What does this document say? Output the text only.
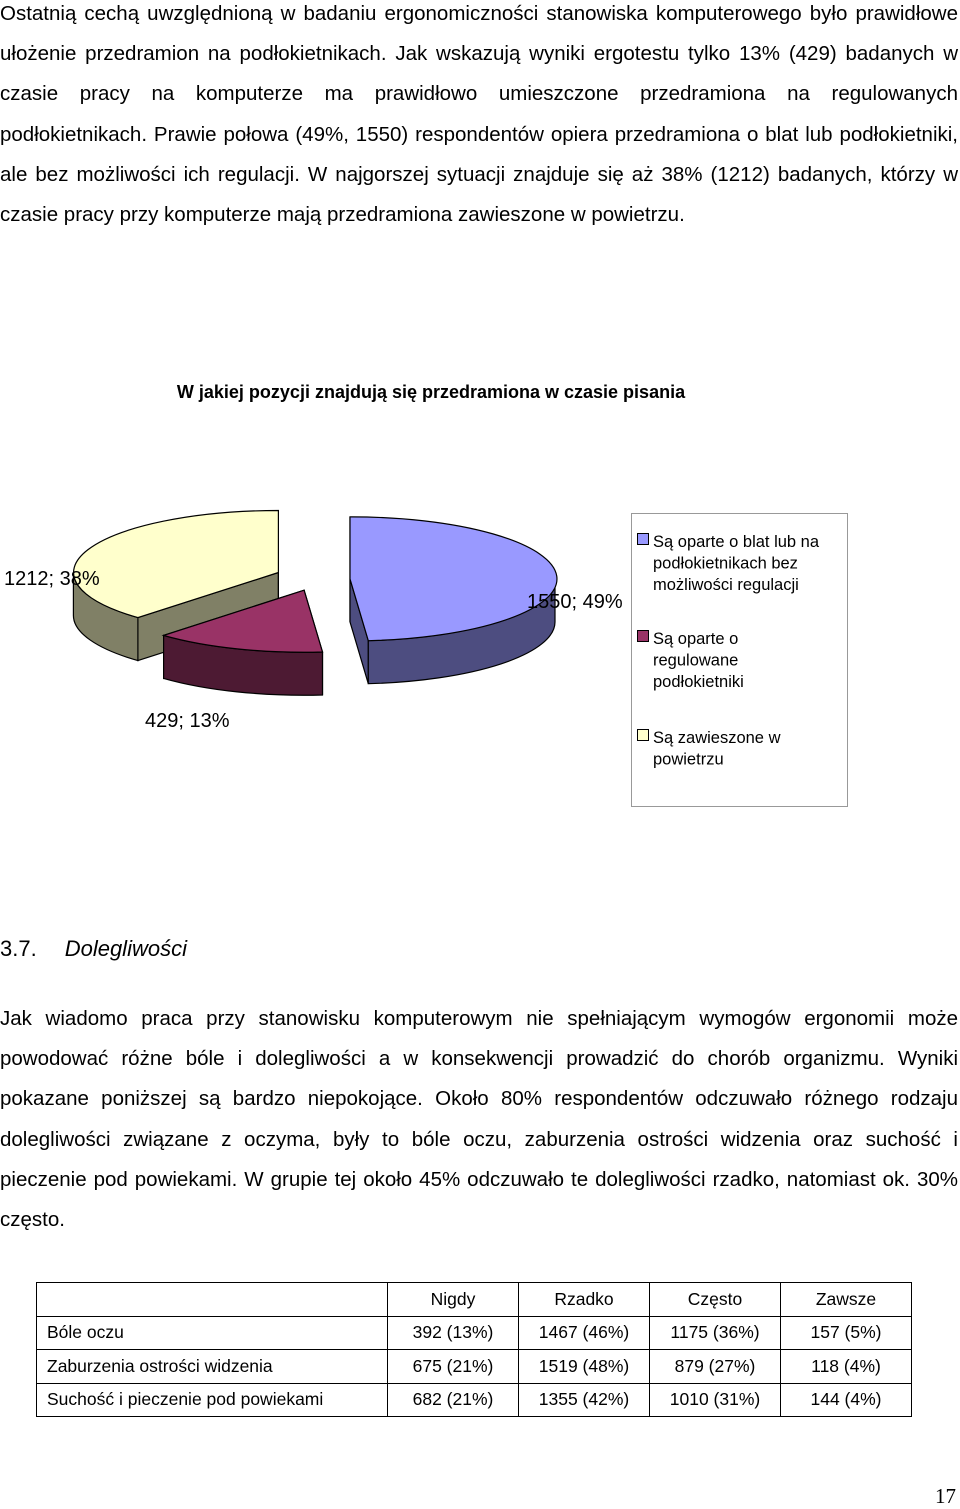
Ostatnią cechą uwzględnioną w badaniu ergonomiczności stanowiska komputerowego było prawidłowe ułożenie przedramion na podłokietnikach. Jak wskazują wyniki ergotestu tylko 13% (429) badanych w czasie pracy na komputerze ma prawidłowo umieszczone przedramiona na regulowanych podłokietnikach. Prawie połowa (49%, 1550) respondentów opiera przedramiona o blat lub podłokietniki, ale bez możliwości ich regulacji. W najgorszej sytuacji znajduje się aż 38% (1212) badanych, którzy w czasie pracy przy komputerze mają przedramiona zawieszone w powietrzu.

W jakiej pozycji znajdują się przedramiona w czasie pisania
1550; 49%
429; 13%
1212; 38%
Są oparte o blat lub na
podłokietnikach bez
możliwości regulacji
Są oparte o
regulowane
podłokietniki
Są zawieszone w
powietrzu
3.7. Dolegliwości

Jak wiadomo praca przy stanowisku komputerowym nie spełniającym wymogów ergonomii może powodować różne bóle i dolegliwości a w konsekwencji prowadzić do chorób organizmu. Wyniki pokazane poniższej są bardzo niepokojące. Około 80% respondentów odczuwało różnego rodzaju dolegliwości związane z oczyma, były to bóle oczu, zaburzenia ostrości widzenia oraz suchość i pieczenie pod powiekami. W grupie tej około 45% odczuwało te dolegliwości rzadko, natomiast ok. 30% często.

	Nigdy	Rzadko	Często	Zawsze
Bóle oczu	392 (13%)	1467 (46%)	1175 (36%)	157 (5%)
Zaburzenia ostrości widzenia	675 (21%)	1519 (48%)	879 (27%)	118 (4%)
Suchość i pieczenie pod powiekami	682 (21%)	1355 (42%)	1010 (31%)	144 (4%)
17
